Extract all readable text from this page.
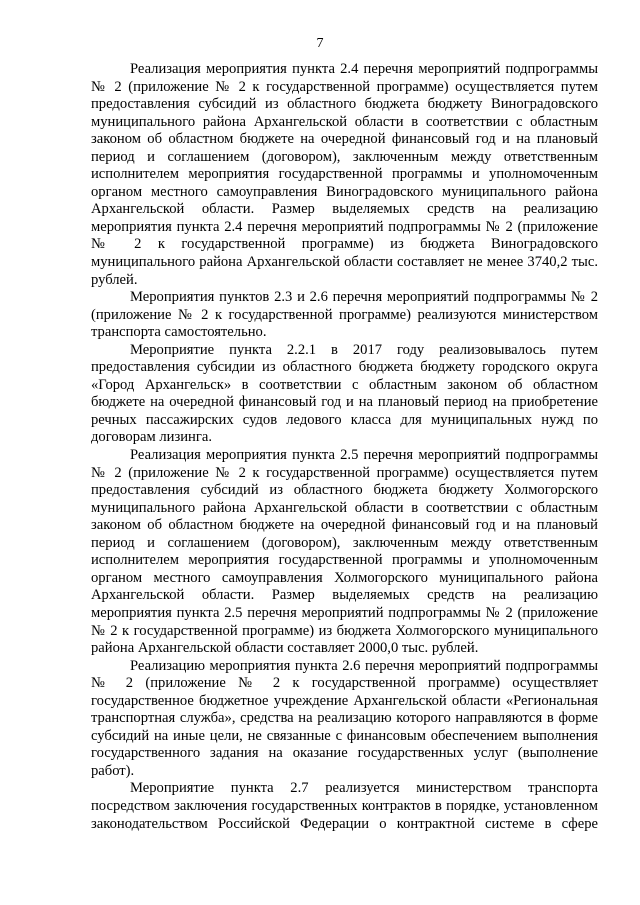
7

Реализация мероприятия пункта 2.4 перечня мероприятий подпрограммы № 2 (приложение № 2 к государственной программе) осуществляется путем предоставления субсидий из областного бюджета бюджету Виноградовского муниципального района Архангельской области в соответствии с областным законом об областном бюджете на очередной финансовый год и на плановый период и соглашением (договором), заключенным между ответственным исполнителем мероприятия государственной программы и уполномоченным органом местного самоуправления Виноградовского муниципального района Архангельской области. Размер выделяемых средств на реализацию мероприятия пункта 2.4 перечня мероприятий подпрограммы № 2 (приложение № 2 к государственной программе) из бюджета Виноградовского муниципального района Архангельской области составляет не менее 3740,2 тыс. рублей.

Мероприятия пунктов 2.3 и 2.6 перечня мероприятий подпрограммы № 2 (приложение № 2 к государственной программе) реализуются министерством транспорта самостоятельно.

Мероприятие пункта 2.2.1 в 2017 году реализовывалось путем предоставления субсидии из областного бюджета бюджету городского округа «Город Архангельск» в соответствии с областным законом об областном бюджете на очередной финансовый год и на плановый период на приобретение речных пассажирских судов ледового класса для муниципальных нужд по договорам лизинга.

Реализация мероприятия пункта 2.5 перечня мероприятий подпрограммы № 2 (приложение № 2 к государственной программе) осуществляется путем предоставления субсидий из областного бюджета бюджету Холмогорского муниципального района Архангельской области в соответствии с областным законом об областном бюджете на очередной финансовый год и на плановый период и соглашением (договором), заключенным между ответственным исполнителем мероприятия государственной программы и уполномоченным органом местного самоуправления Холмогорского муниципального района Архангельской области. Размер выделяемых средств на реализацию мероприятия пункта 2.5 перечня мероприятий подпрограммы № 2 (приложение № 2 к государственной программе) из бюджета Холмогорского муниципального района Архангельской области составляет 2000,0 тыс. рублей.

Реализацию мероприятия пункта 2.6 перечня мероприятий подпрограммы № 2 (приложение № 2 к государственной программе) осуществляет государственное бюджетное учреждение Архангельской области «Региональная транспортная служба», средства на реализацию которого направляются в форме субсидий на иные цели, не связанные с финансовым обеспечением выполнения государственного задания на оказание государственных услуг (выполнение работ).

Мероприятие пункта 2.7 реализуется министерством транспорта посредством заключения государственных контрактов в порядке, установленном законодательством Российской Федерации о контрактной системе в сфере
